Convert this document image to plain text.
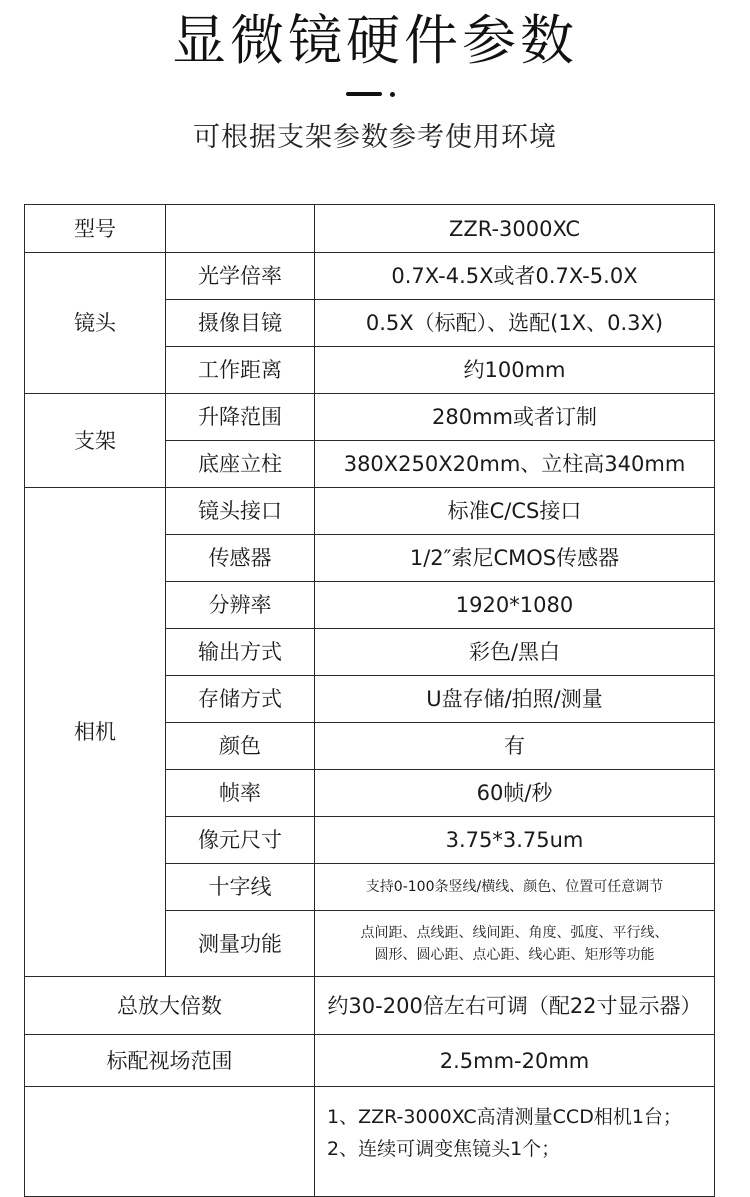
显微镜硬件参数
可根据支架参数参考使用环境
型号		ZZR-3000XC
镜头	光学倍率	0.7X-4.5X或者0.7X-5.0X
	摄像目镜	0.5X（标配）、选配(1X、0.3X)
	工作距离	约100mm
支架	升降范围	280mm或者订制
	底座立柱	380X250X20mm、立柱高340mm
相机	镜头接口	标准C/CS接口
	传感器	1/2″索尼CMOS传感器
	分辨率	1920*1080
	输出方式	彩色/黑白
	存储方式	U盘存储/拍照/测量
	颜色	有
	帧率	60帧/秒
	像元尺寸	3.75*3.75um
	十字线	支持0-100条竖线/横线、颜色、位置可任意调节
	测量功能	点间距、点线距、线间距、角度、弧度、平行线、
圆形、圆心距、点心距、线心距、矩形等功能

总放大倍数		约30-200倍左右可调（配22寸显示器）
标配视场范围		2.5mm-20mm

		1、ZZR-3000XC高清测量CCD相机1台；
2、连续可调变焦镜头1个；
